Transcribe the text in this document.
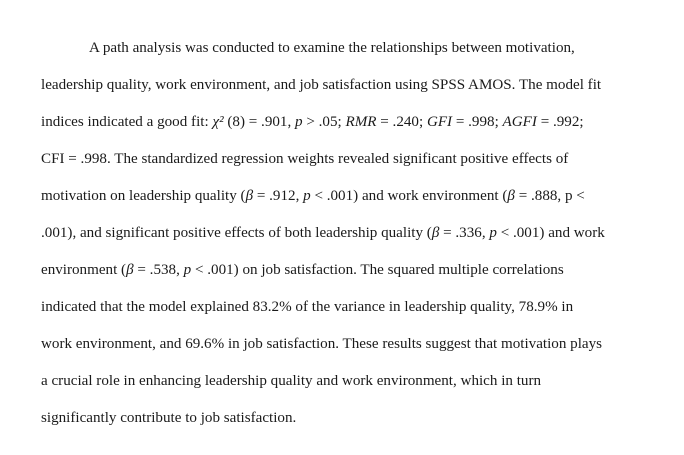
A path analysis was conducted to examine the relationships between motivation,
leadership quality, work environment, and job satisfaction using SPSS AMOS. The model fit
indices indicated a good fit: χ² (8) = .901, p > .05; RMR = .240; GFI = .998; AGFI = .992;
CFI = .998. The standardized regression weights revealed significant positive effects of
motivation on leadership quality (β = .912, p < .001) and work environment (β = .888, p <
.001), and significant positive effects of both leadership quality (β = .336, p < .001) and work
environment (β = .538, p < .001) on job satisfaction. The squared multiple correlations
indicated that the model explained 83.2% of the variance in leadership quality, 78.9% in
work environment, and 69.6% in job satisfaction. These results suggest that motivation plays
a crucial role in enhancing leadership quality and work environment, which in turn
significantly contribute to job satisfaction.
